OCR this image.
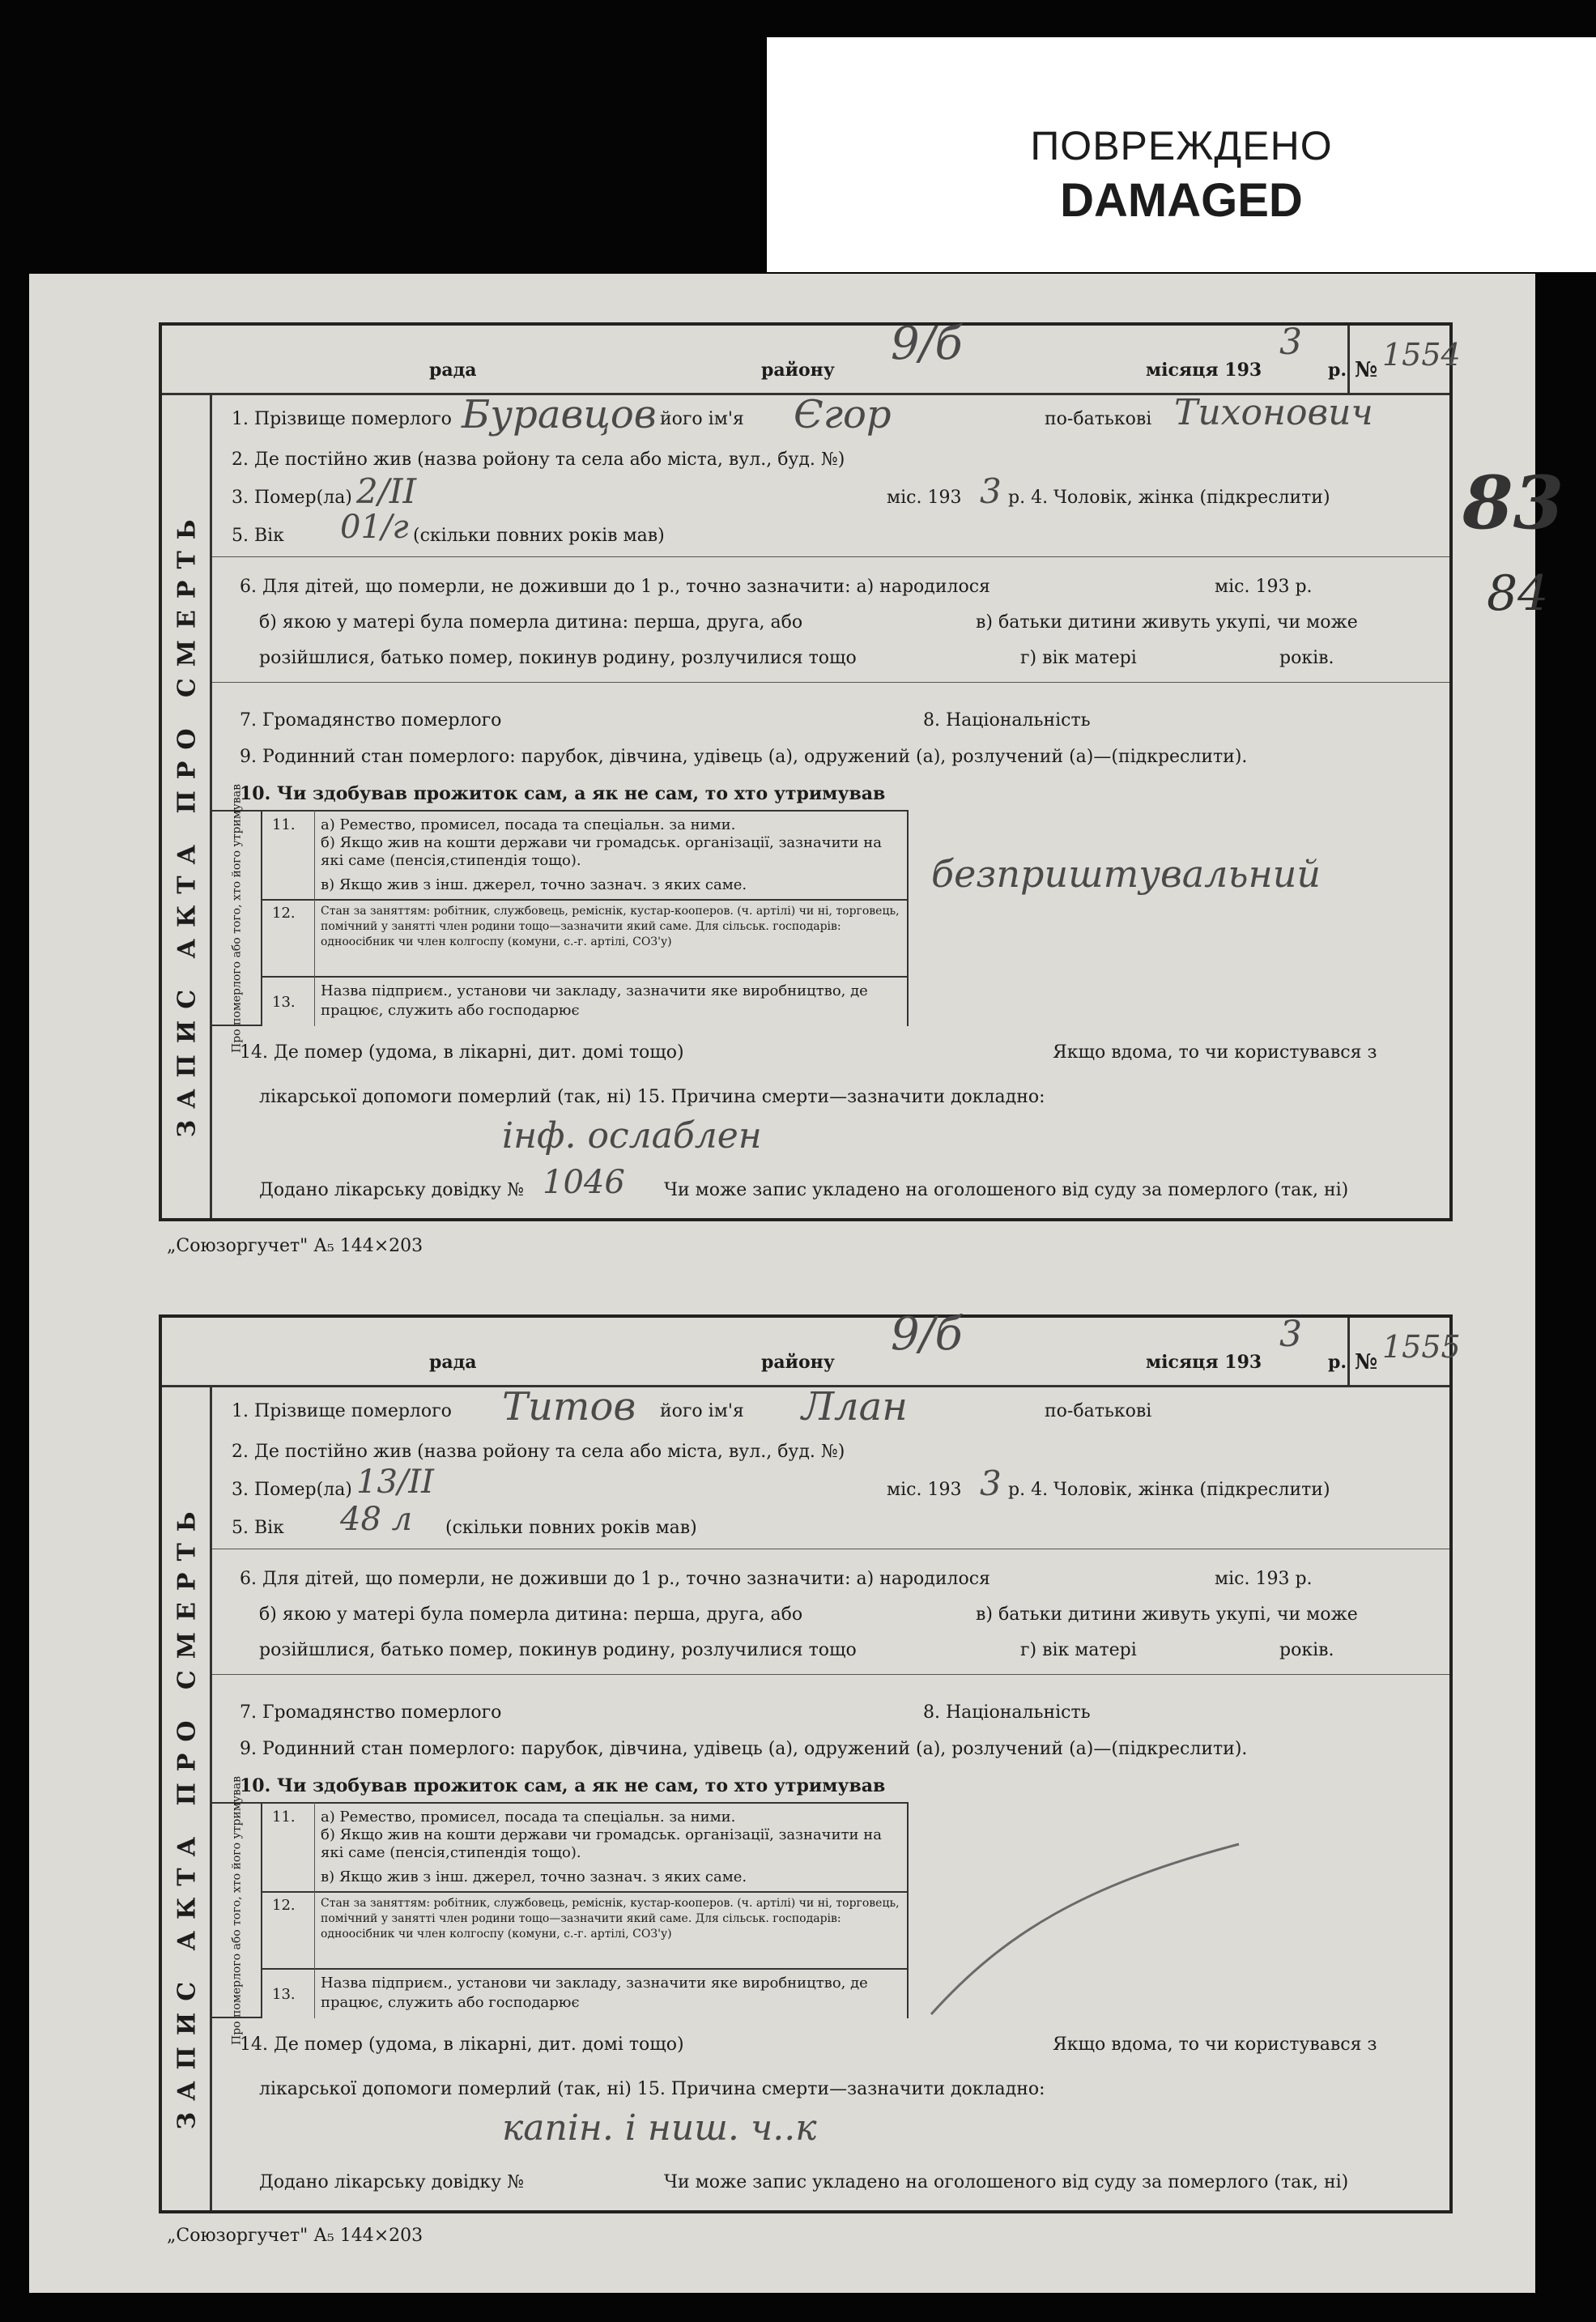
ПОВРЕЖДЕНО
DAMAGED
83
84
рада	району	місяця 193	р.
9/б	3
№ 1554
ЗАПИС АКТА ПРО СМЕРТЬ
1. Прізвище померлого Буравцов його ім'я Єгор	по-батькові Тихонович
2. Де постійно жив (назва ройону та села або міста, вул., буд. №)
3. Помер(ла) 2/ІІ	міс. 193 3 р. 4. Чоловік, жінка (підкреслити)
5. Вік 01/г (скільки повних років мав)
6. Для дітей, що померли, не доживши до 1 р., точно зазначити: а) народилося	міс. 193 р.
б) якою у матері була померла дитина: перша, друга, або	в) батьки дитини живуть укупі, чи може
розійшлися, батько помер, покинув родину, розлучилися тощо	г) вік матері	років.
7. Громадянство померлого	8. Національність
9. Родинний стан померлого: парубок, дівчина, удівець (а), одружений (а), розлучений (а)—(підкреслити).
10. Чи здобував прожиток сам, а як не сам, то хто утримував
Про померлого або того, хто його утримував 11. а) Ремество, промисел, посада та спеціальн. за ними.
б) Якщо жив на кошти держави чи громадськ. організації, зазначити на які саме (пенсія,стипендія тощо).
в) Якщо жив з інш. джерел, точно зазнач. з яких саме.
12. Стан за заняттям: робітник, службовець, реміснік, кустар-кооперов. (ч. артілі) чи ні, торговець, помічний у занятті член родини тощо—зазначити який саме. Для сільськ. господарів: одноосібник чи член колгоспу (комуни, с.-г. артілі, СОЗ'у)
13.
Назва підприєм., установи чи закладу, зазначити яке виробництво, де працює, служить або господарює
безприштувальний
14. Де помер (удома, в лікарні, дит. домі тощо)	Якщо вдома, то чи користувався з
лікарської допомоги померлий (так, ні) 15. Причина смерти—зазначити докладно:
інф. ослаблен
Додано лікарську довідку № 1046 Чи може запис укладено на оголошеного від суду за померлого (так, ні)
„Союзоргучет" А₅ 144×203
рада	району	місяця 193	р.
9/б	3
№ 1555
ЗАПИС АКТА ПРО СМЕРТЬ
1. Прізвище померлого Титов його ім'я Ллан	по-батькові
2. Де постійно жив (назва ройону та села або міста, вул., буд. №)
3. Помер(ла) 13/ІІ	міс. 193 3 р. 4. Чоловік, жінка (підкреслити)
5. Вік 48 л (скільки повних років мав)
6. Для дітей, що померли, не доживши до 1 р., точно зазначити: а) народилося	міс. 193 р.
б) якою у матері була померла дитина: перша, друга, або	в) батьки дитини живуть укупі, чи може
розійшлися, батько помер, покинув родину, розлучилися тощо	г) вік матері	років.
7. Громадянство померлого	8. Національність
9. Родинний стан померлого: парубок, дівчина, удівець (а), одружений (а), розлучений (а)—(підкреслити).
10. Чи здобував прожиток сам, а як не сам, то хто утримував
Про померлого або того, хто його утримував 11. а) Ремество, промисел, посада та спеціальн. за ними.
б) Якщо жив на кошти держави чи громадськ. організації, зазначити на які саме (пенсія,стипендія тощо).
в) Якщо жив з інш. джерел, точно зазнач. з яких саме.
12. Стан за заняттям: робітник, службовець, реміснік, кустар-кооперов. (ч. артілі) чи ні, торговець, помічний у занятті член родини тощо—зазначити який саме. Для сільськ. господарів: одноосібник чи член колгоспу (комуни, с.-г. артілі, СОЗ'у)
13.
Назва підприєм., установи чи закладу, зазначити яке виробництво, де працює, служить або господарює
14. Де помер (удома, в лікарні, дит. домі тощо)	Якщо вдома, то чи користувався з
лікарської допомоги померлий (так, ні) 15. Причина смерти—зазначити докладно:
капін. і ниш. ч..к
Додано лікарську довідку №	Чи може запис укладено на оголошеного від суду за померлого (так, ні)
„Союзоргучет" А₅ 144×203
